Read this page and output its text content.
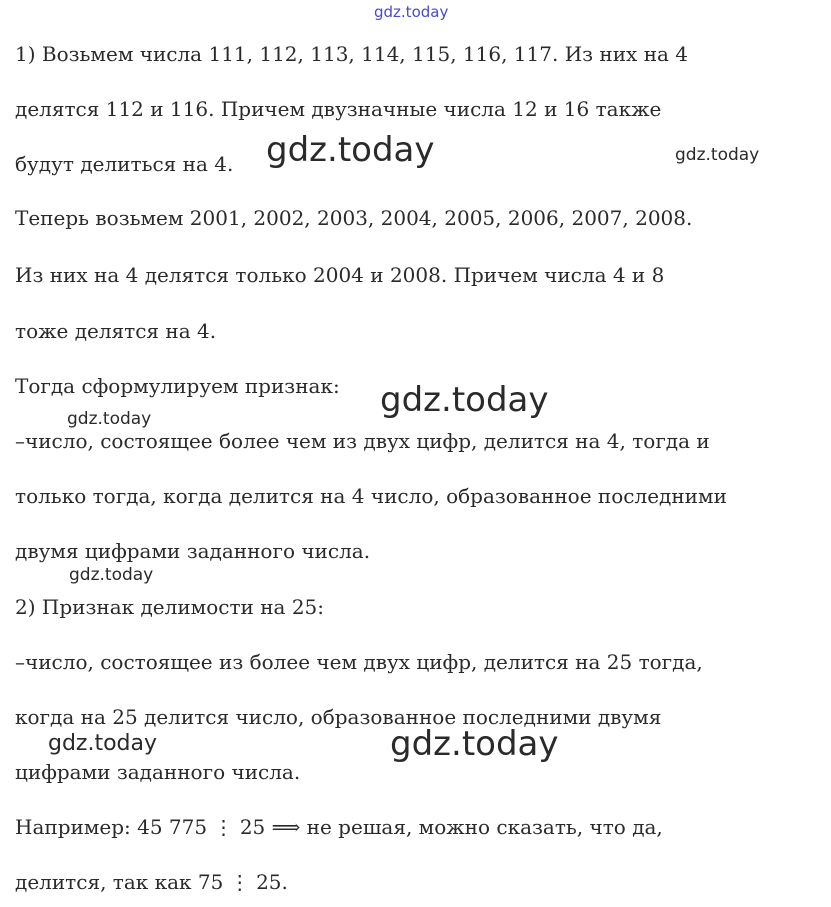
gdz.today
1) Возьмем числа 111, 112, 113, 114, 115, 116, 117. Из них на 4
делятся 112 и 116. Причем двузначные числа 12 и 16 также
будут делиться на 4.
Теперь возьмем 2001, 2002, 2003, 2004, 2005, 2006, 2007, 2008.
Из них на 4 делятся только 2004 и 2008. Причем числа 4 и 8
тоже делятся на 4.
Тогда сформулируем признак:
–число, состоящее более чем из двух цифр, делится на 4, тогда и
только тогда, когда делится на 4 число, образованное последними
двумя цифрами заданного числа.
2) Признак делимости на 25:
–число, состоящее из более чем двух цифр, делится на 25 тогда,
когда на 25 делится число, образованное последними двумя
цифрами заданного числа.
Например: 45 775 ⋮ 25 ⟹ не решая, можно сказать, что да,
делится, так как 75 ⋮ 25.
gdz.today	gdz.today
gdz.today
gdz.today
gdz.today
gdz.today	gdz.today
